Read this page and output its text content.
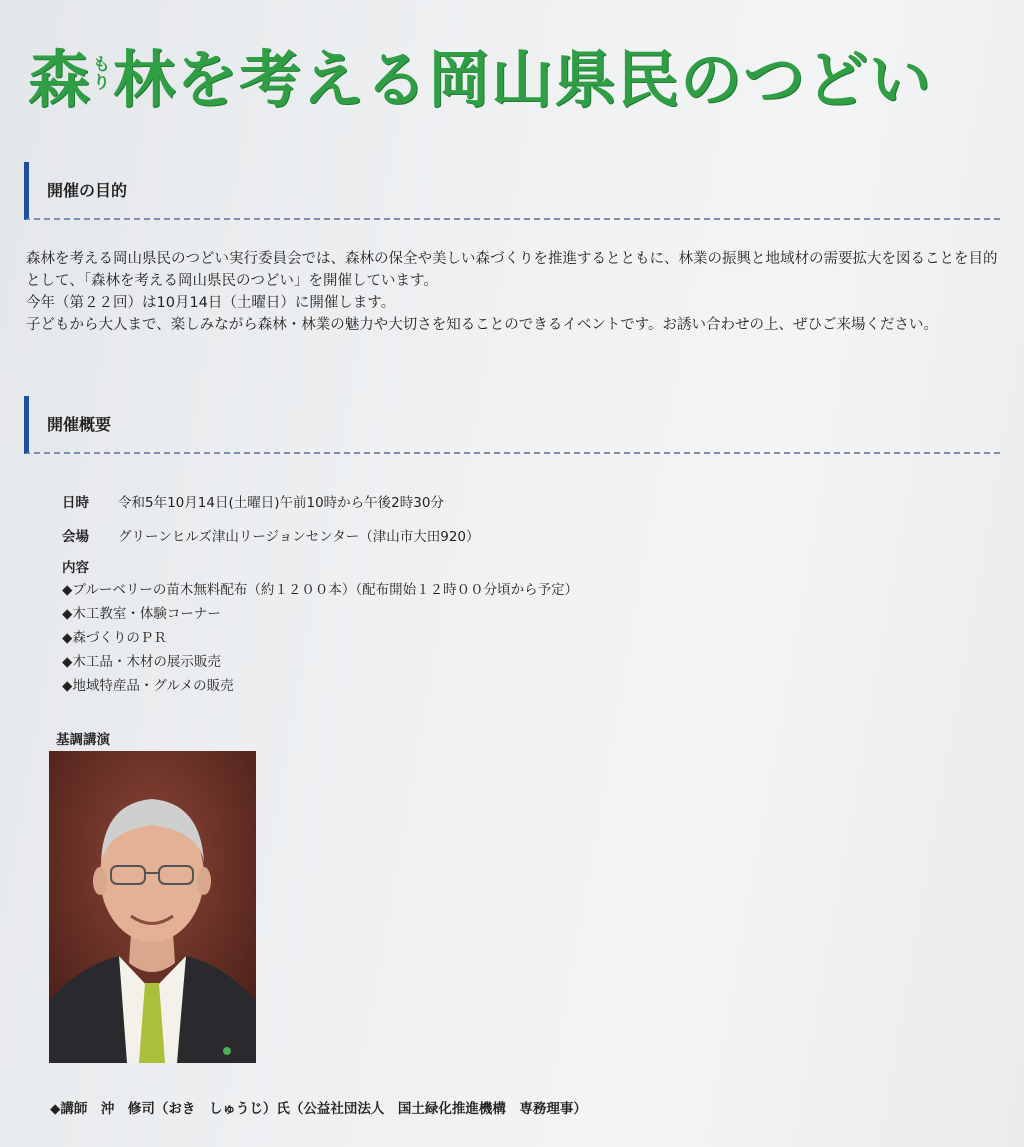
森 も
り 林を考える岡山県民のつどい
開催の目的

森林を考える岡山県民のつどい実行委員会では、森林の保全や美しい森づくりを推進するとともに、林業の振興と地域材の需要拡大を図ることを目的として、「森林を考える岡山県民のつどい」を開催しています。

今年（第２２回）は10月14日（土曜日）に開催します。

子どもから大人まで、楽しみながら森林・林業の魅力や大切さを知ることのできるイベントです。お誘い合わせの上、ぜひご来場ください。

開催概要
日時	令和5年10月14日(土曜日)午前10時から午後2時30分
会場	グリーンヒルズ津山リージョンセンター（津山市大田920）
内容
◆ブルーベリーの苗木無料配布（約１２００本）（配布開始１２時００分頃から予定）
◆木工教室・体験コーナー
◆森づくりのＰＲ
◆木工品・木材の展示販売
◆地域特産品・グルメの販売
基調講演
◆講師　沖　修司（おき　しゅうじ）氏（公益社団法人　国土緑化推進機構　専務理事）
